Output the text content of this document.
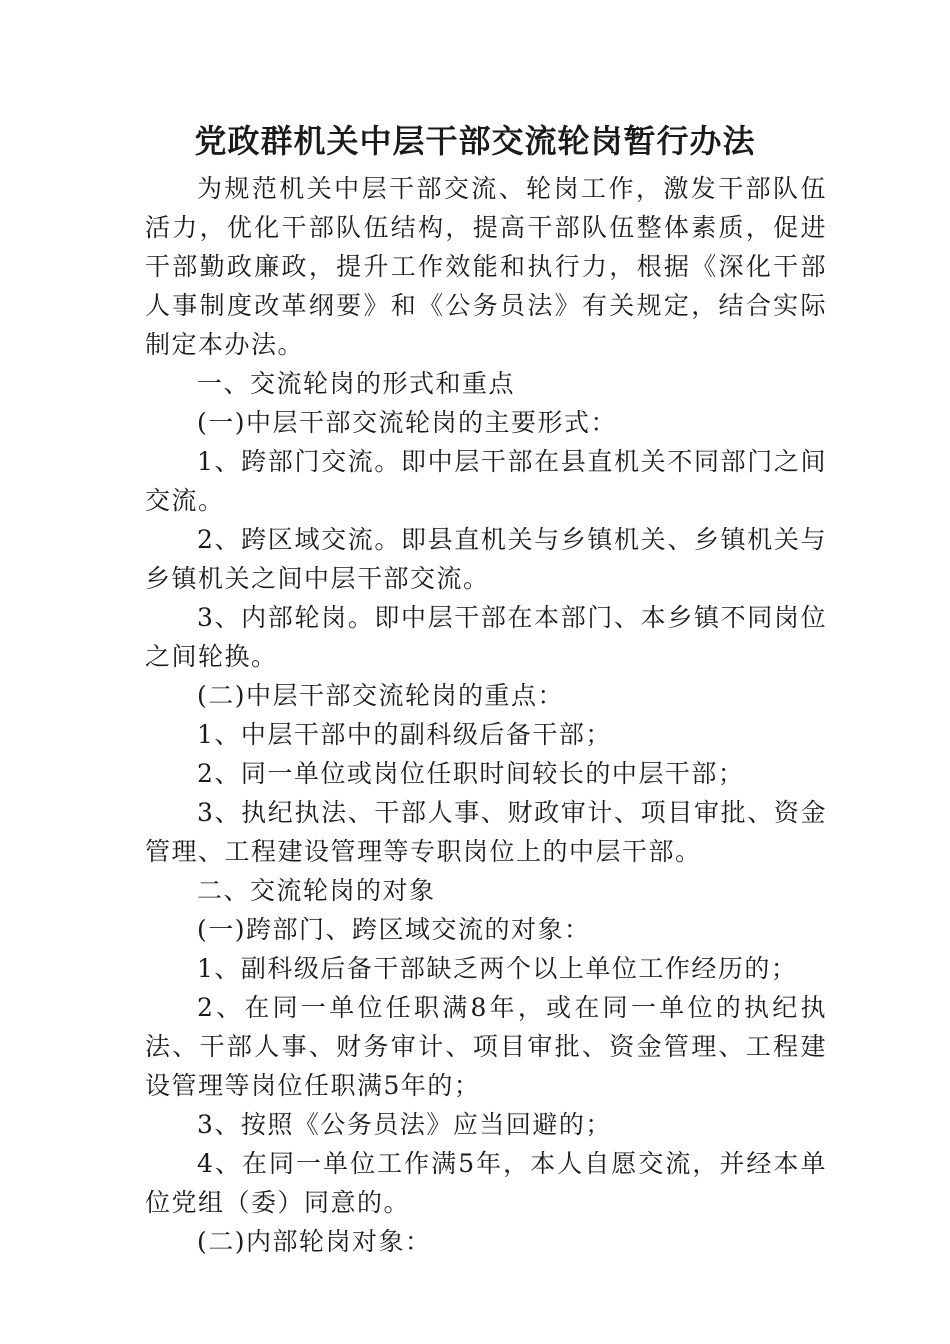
党政群机关中层干部交流轮岗暂行办法

为规范机关中层干部交流、轮岗工作，激发干部队伍活力，优化干部队伍结构，提高干部队伍整体素质，促进干部勤政廉政，提升工作效能和执行力，根据《深化干部人事制度改革纲要》和《公务员法》有关规定，结合实际制定本办法。

一、交流轮岗的形式和重点

(一)中层干部交流轮岗的主要形式：

1、跨部门交流。即中层干部在县直机关不同部门之间交流。

2、跨区域交流。即县直机关与乡镇机关、乡镇机关与乡镇机关之间中层干部交流。

3、内部轮岗。即中层干部在本部门、本乡镇不同岗位之间轮换。

(二)中层干部交流轮岗的重点：

1、中层干部中的副科级后备干部；

2、同一单位或岗位任职时间较长的中层干部；

3、执纪执法、干部人事、财政审计、项目审批、资金管理、工程建设管理等专职岗位上的中层干部。

二、交流轮岗的对象

(一)跨部门、跨区域交流的对象：

1、副科级后备干部缺乏两个以上单位工作经历的；

2、在同一单位任职满8年，或在同一单位的执纪执法、干部人事、财务审计、项目审批、资金管理、工程建设管理等岗位任职满5年的；

3、按照《公务员法》应当回避的；

4、在同一单位工作满5年，本人自愿交流，并经本单位党组（委）同意的。

(二)内部轮岗对象：
